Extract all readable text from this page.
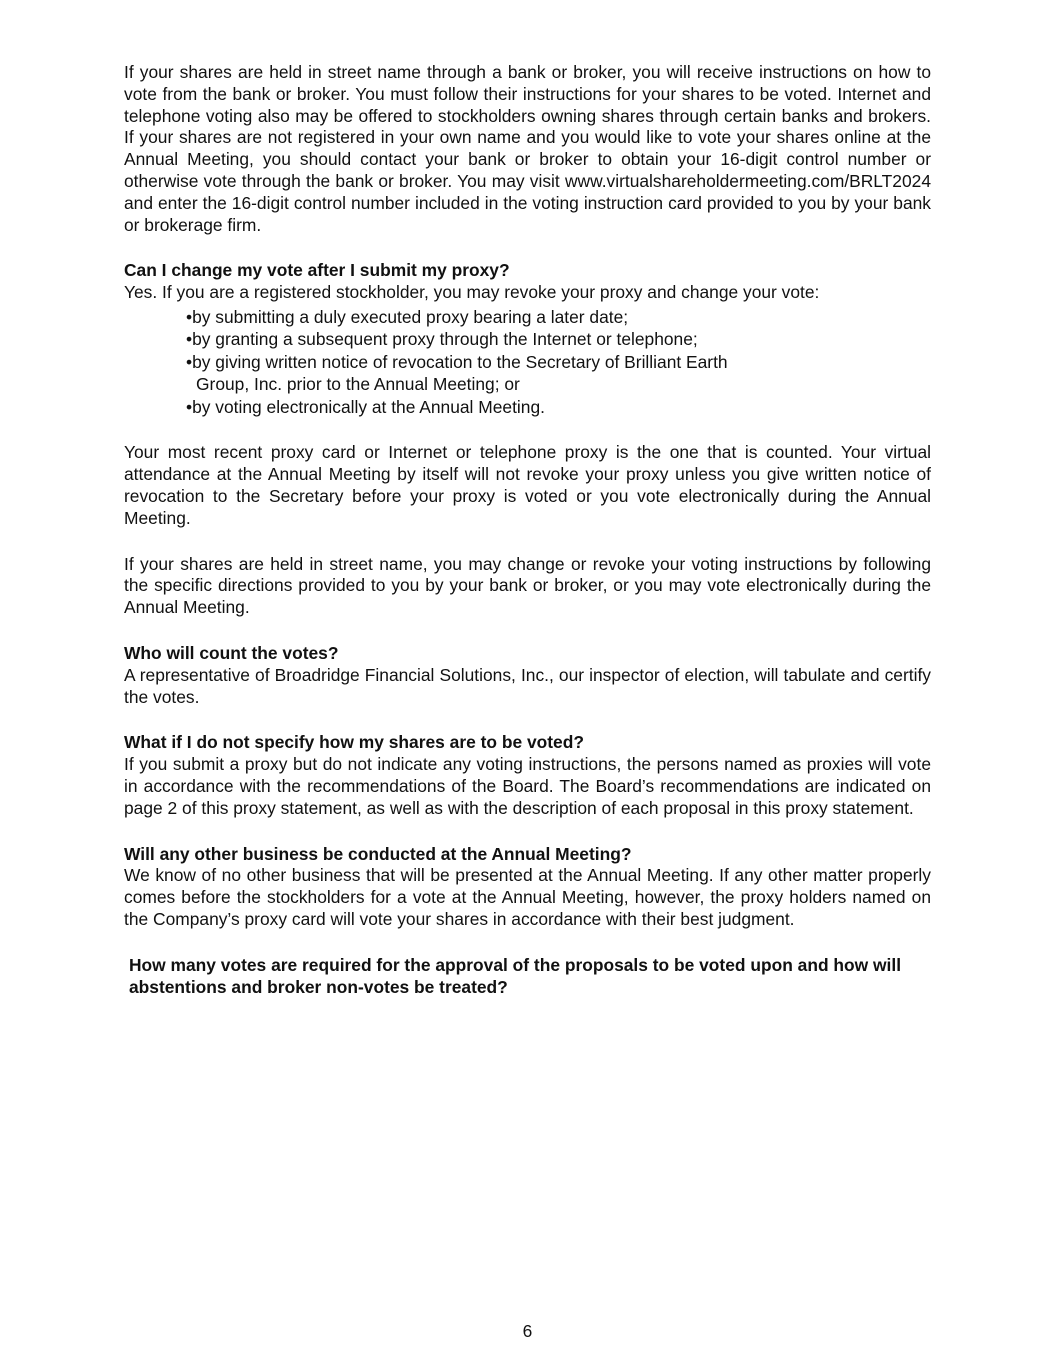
If your shares are held in street name through a bank or broker, you will receive instructions on how to vote from the bank or broker. You must follow their instructions for your shares to be voted. Internet and telephone voting also may be offered to stockholders owning shares through certain banks and brokers. If your shares are not registered in your own name and you would like to vote your shares online at the Annual Meeting, you should contact your bank or broker to obtain your 16-digit control number or otherwise vote through the bank or broker. You may visit www.virtualshareholdermeeting.com/BRLT2024 and enter the 16-digit control number included in the voting instruction card provided to you by your bank or brokerage firm.

Can I change my vote after I submit my proxy?

Yes. If you are a registered stockholder, you may revoke your proxy and change your vote:

•by submitting a duly executed proxy bearing a later date;
•by granting a subsequent proxy through the Internet or telephone;
•by giving written notice of revocation to the Secretary of Brilliant Earth
Group, Inc. prior to the Annual Meeting; or
•by voting electronically at the Annual Meeting.

Your most recent proxy card or Internet or telephone proxy is the one that is counted. Your virtual attendance at the Annual Meeting by itself will not revoke your proxy unless you give written notice of revocation to the Secretary before your proxy is voted or you vote electronically during the Annual Meeting.

If your shares are held in street name, you may change or revoke your voting instructions by following the specific directions provided to you by your bank or broker, or you may vote electronically during the Annual Meeting.

Who will count the votes?

A representative of Broadridge Financial Solutions, Inc., our inspector of election, will tabulate and certify the votes.

What if I do not specify how my shares are to be voted?

If you submit a proxy but do not indicate any voting instructions, the persons named as proxies will vote in accordance with the recommendations of the Board. The Board’s recommendations are indicated on page 2 of this proxy statement, as well as with the description of each proposal in this proxy statement.

Will any other business be conducted at the Annual Meeting?

We know of no other business that will be presented at the Annual Meeting. If any other matter properly comes before the stockholders for a vote at the Annual Meeting, however, the proxy holders named on the Company’s proxy card will vote your shares in accordance with their best judgment.

How many votes are required for the approval of the proposals to be voted upon and how will abstentions and broker non-votes be treated?

6
